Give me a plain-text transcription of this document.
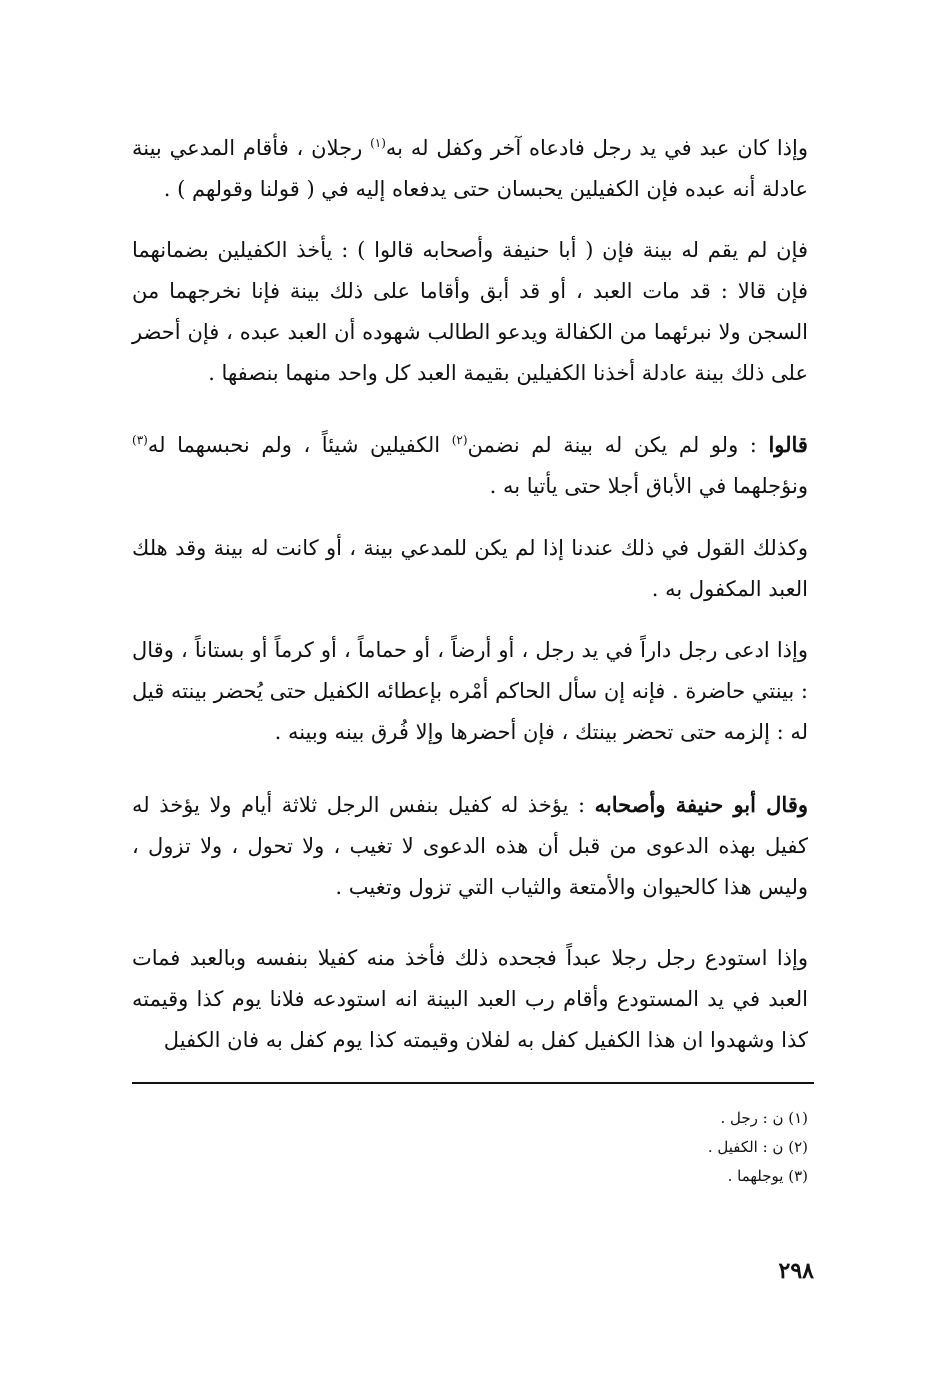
وإذا كان عبد في يد رجل فادعاه آخر وكفل له به$^{(١)}$ رجلان ، فأقام المدعي بينة عادلة أنه عبده فإن الكفيلين يحبسان حتى يدفعاه إليه في ( قولنا وقولهم ) .

فإن لم يقم له بينة فإن ( أبا حنيفة وأصحابه قالوا ) : يأخذ الكفيلين بضمانهما فإن قالا : قد مات العبد ، أو قد أبق وأقاما على ذلك بينة فإنا نخرجهما من السجن ولا نبرئهما من الكفالة ويدعو الطالب شهوده أن العبد عبده ، فإن أحضر على ذلك بينة عادلة أخذنا الكفيلين بقيمة العبد كل واحد منهما بنصفها .

قالوا : ولو لم يكن له بينة لم نضمن$^{(٢)}$ الكفيلين شيئاً ، ولم نحبسهما له$^{(٣)}$ ونؤجلهما في الأباق أجلا حتى يأتيا به .

وكذلك القول في ذلك عندنا إذا لم يكن للمدعي بينة ، أو كانت له بينة وقد هلك العبد المكفول به .

وإذا ادعى رجل داراً في يد رجل ، أو أرضاً ، أو حماماً ، أو كرماً أو بستاناً ، وقال : بينتي حاضرة . فإنه إن سأل الحاكم أمْره بإعطائه الكفيل حتى يُحضر بينته قيل له : إلزمه حتى تحضر بينتك ، فإن أحضرها وإلا فُرق بينه وبينه .

وقال أبو حنيفة وأصحابه : يؤخذ له كفيل بنفس الرجل ثلاثة أيام ولا يؤخذ له كفيل بهذه الدعوى من قبل أن هذه الدعوى لا تغيب ، ولا تحول ، ولا تزول ، وليس هذا كالحيوان والأمتعة والثياب التي تزول وتغيب .

وإذا استودع رجل رجلا عبداً فجحده ذلك فأخذ منه كفيلا بنفسه وبالعبد فمات العبد في يد المستودع وأقام رب العبد البينة انه استودعه فلانا يوم كذا وقيمته كذا وشهدوا ان هذا الكفيل كفل به لفلان وقيمته كذا يوم كفل به فان الكفيل

(١) ن : رجل .
(٢) ن : الكفيل .
(٣) يوجلهما .
٢٩٨
